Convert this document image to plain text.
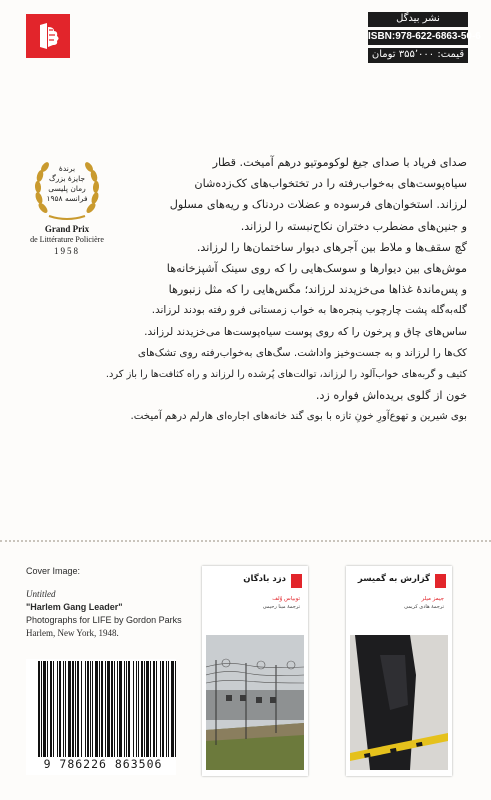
نشر بیدگل
ISBN:978-622-6863-50-6
قیمت: ۳۵۵٬۰۰۰ تومان
برندهٔ
جایزهٔ بزرگ
رمان پلیسی
فرانسه ۱۹۵۸
Grand Prix
de Littérature Policière
1958

صدای فریاد با صدای جیغ لوکوموتیو درهم آمیخت. قطار

سیاه‌پوست‌های به‌خواب‌رفته را در تختخواب‌های کک‌زده‌شان

لرزاند. استخوان‌های فرسوده و عضلات دردناک و ریه‌های مسلول

و جنین‌های مضطرب دختران نکاح‌نبسته را لرزاند.

گچ سقف‌ها و ملاط بین آجرهای دیوار ساختمان‌ها را لرزاند.

موش‌های بین دیوارها و سوسک‌هایی را که روی سینک آشپزخانه‌ها

و پس‌ماندهٔ غذاها می‌خزیدند لرزاند؛ مگس‌هایی را که مثل زنبورها

گله‌به‌گله پشت چارچوب پنجره‌ها به خواب زمستانی فرو رفته بودند لرزاند.

ساس‌های چاق و پرخون را که روی پوست سیاه‌پوست‌ها می‌خزیدند لرزاند.

کک‌ها را لرزاند و به جست‌وخیز واداشت. سگ‌های به‌خواب‌رفته روی تشک‌های

کثیف و گربه‌های خواب‌آلود را لرزاند، توالت‌های پُرشده را لرزاند و راه کثافت‌ها را باز کرد.

خون از گلوی بریده‌اش فواره زد.

بوی شیرین و تهوع‌آورِ خونِ تازه با بوی گند خانه‌های اجاره‌ای هارلم درهم آمیخت.

Cover Image:
Untitled
"Harlem Gang Leader"
Photographs for LIFE by Gordon Parks
Harlem, New York, 1948.
9 786226 863506
دزد بادگان
توبیاس وُلف
ترجمهٔ مینا رحیمی
گزارش به گمیسر
جیمز میلر
ترجمهٔ هادی کریمی
